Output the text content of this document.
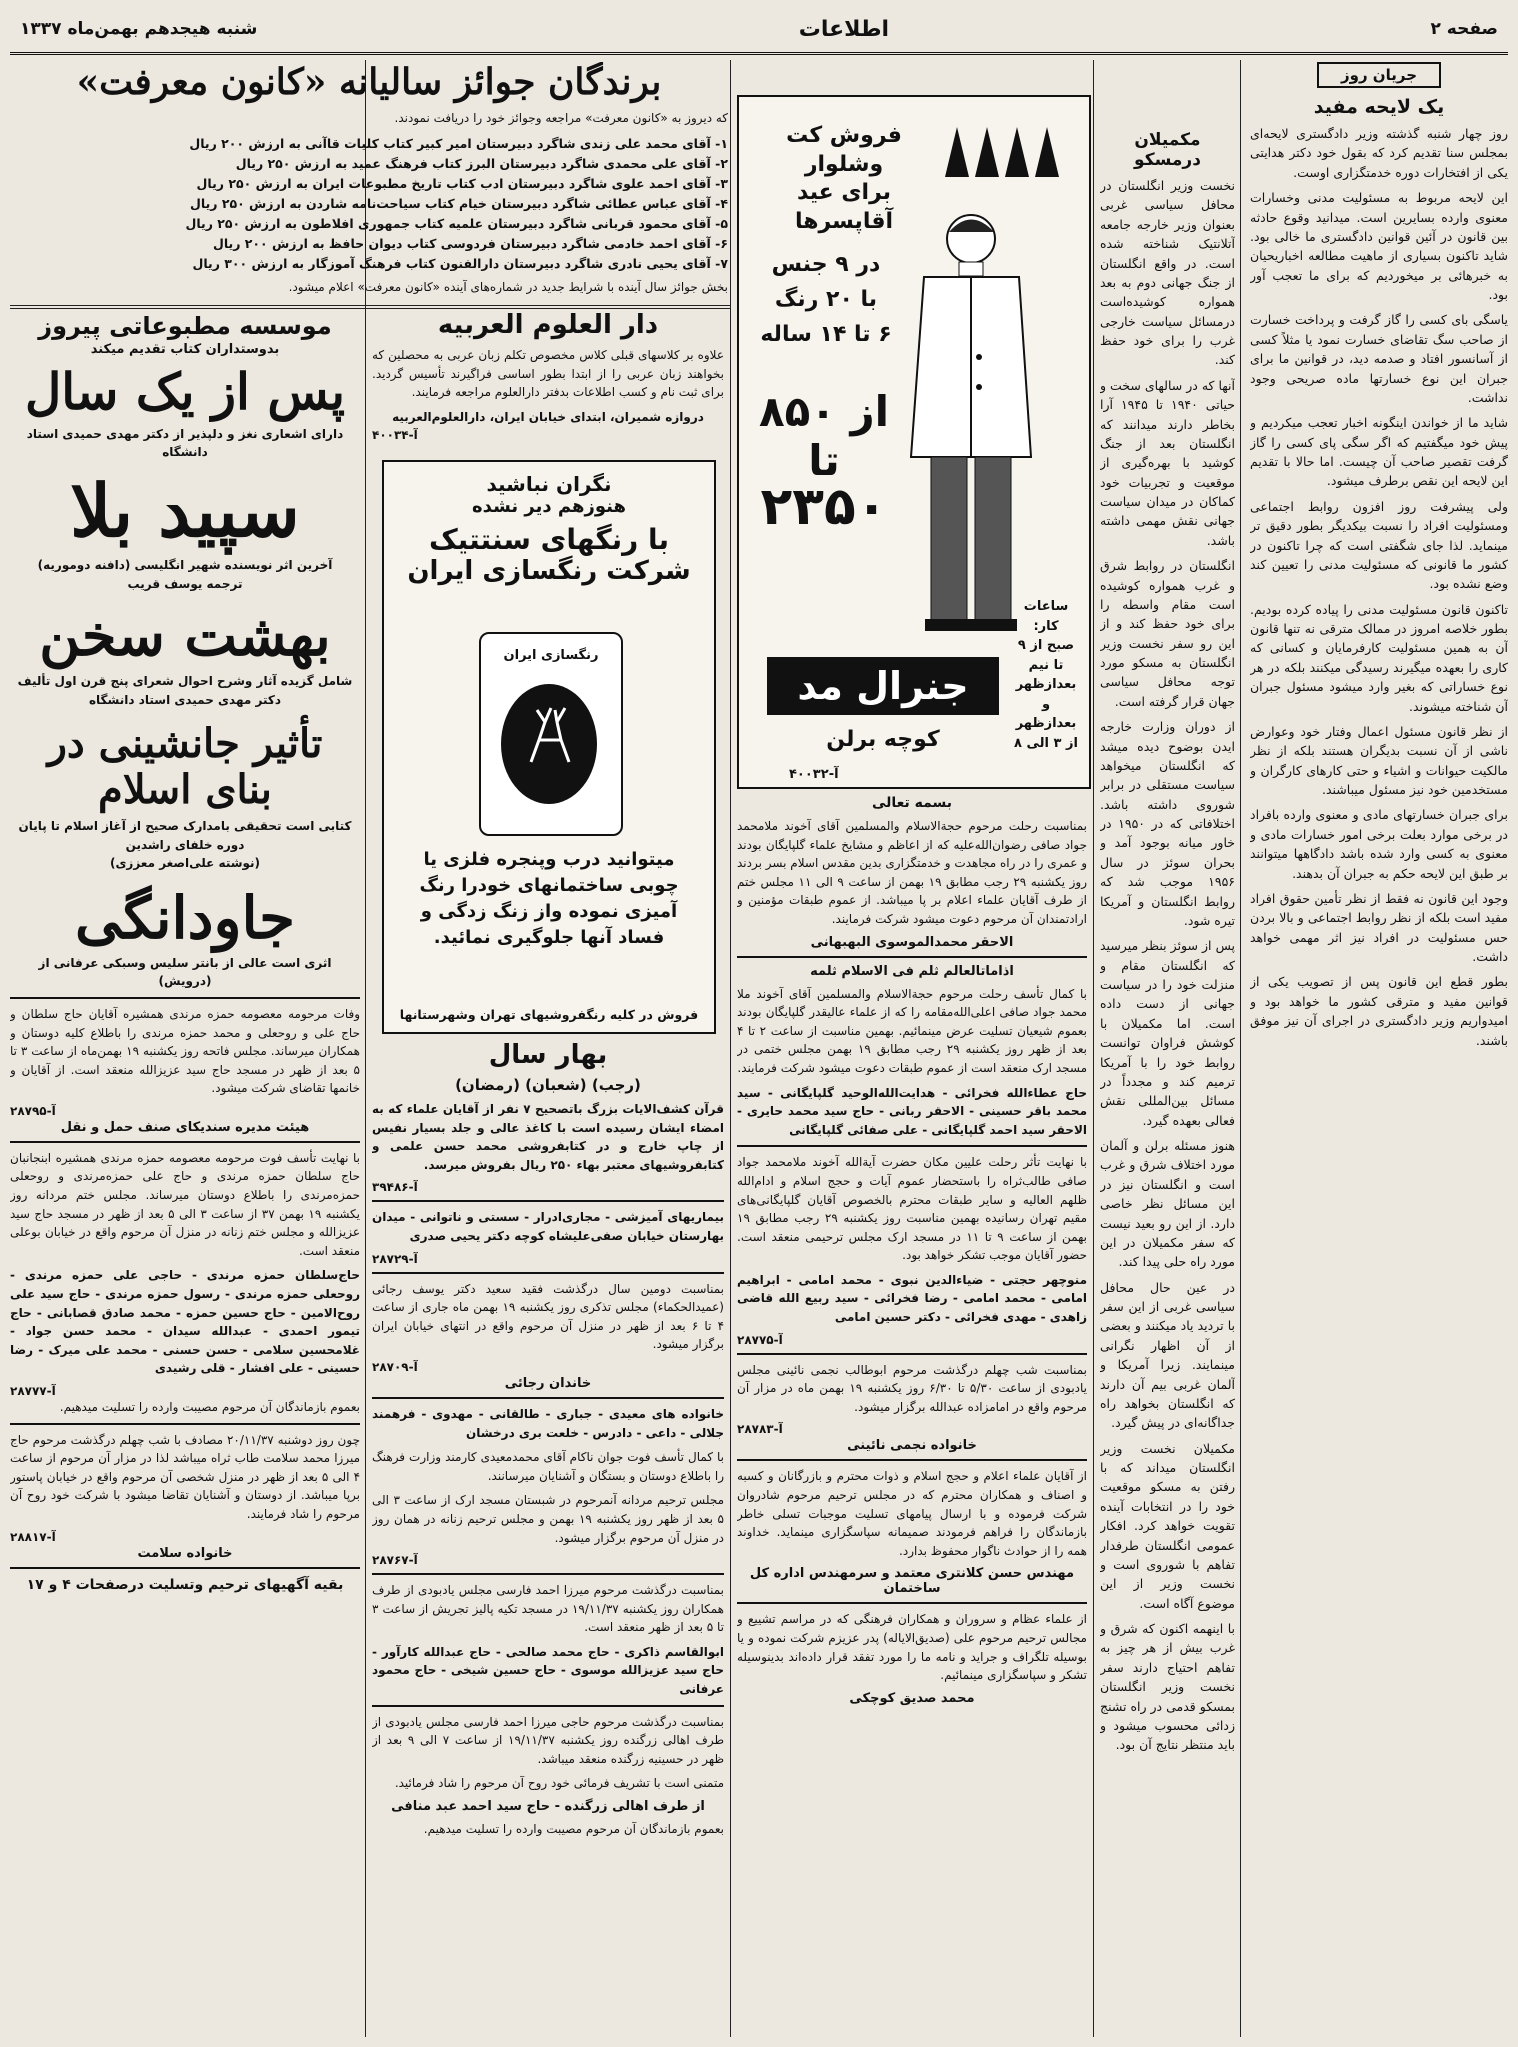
صفحه ۲
اطلاعات
شنبه هیجدهم بهمن‌ماه ۱۳۳۷
جریان روز
یک لایحه مفید

روز چهار شنبه گذشته وزیر دادگستری لایحه‌ای بمجلس سنا تقدیم کرد که بقول خود دکتر هدایتی یکی از افتخارات دوره خدمتگزاری اوست.

این لایحه مربوط به مسئولیت مدنی وخسارات معنوی وارده بسایرین است. میدانید وقوع حادثه بین قانون در آئین قوانین دادگستری ما خالی بود. شاید تاکنون بسیاری از ماهیت مطالعه اخباریحیان به خبرهائی بر میخوردیم که برای ما تعجب آور بود.

یاسگی بای کسی را گاز گرفت و پرداخت خسارت از صاحب سگ تقاضای خسارت نمود یا مثلاً کسی از آسانسور افتاد و صدمه دید، در قوانین ما برای جبران این نوع خسارتها ماده صریحی وجود نداشت.

شاید ما از خواندن اینگونه اخبار تعجب میکردیم و پیش خود میگفتیم که اگر سگی پای کسی را گاز گرفت تقصیر صاحب آن چیست. اما حالا با تقدیم این لایحه این نقص برطرف میشود.

ولی پیشرفت روز افزون روابط اجتماعی ومسئولیت افراد را نسبت بیکدیگر بطور دقیق تر مینماید. لذا جای شگفتی است که چرا تاکنون در کشور ما قانونی که مسئولیت مدنی را تعیین کند وضع نشده بود.

تاکنون قانون مسئولیت مدنی را پیاده کرده بودیم. بطور خلاصه امروز در ممالک مترقی نه تنها قانون آن به همین مسئولیت کارفرمایان و کسانی که کاری را بعهده میگیرند رسیدگی میکنند بلکه در هر نوع خساراتی که بغیر وارد میشود مسئول جبران آن شناخته میشوند.

از نظر قانون مسئول اعمال وفتار خود وعوارض ناشی از آن نسبت بدیگران هستند بلکه از نظر مالکیت حیوانات و اشیاء و حتی کارهای کارگران و مستخدمین خود نیز مسئول میباشند.

برای جبران خسارتهای مادی و معنوی وارده بافراد در برخی موارد بعلت برخی امور خسارات مادی و معنوی به کسی وارد شده باشد دادگاهها میتوانند بر طبق این لایحه حکم به جبران آن بدهند.

وجود این قانون نه فقط از نظر تأمین حقوق افراد مفید است بلکه از نظر روابط اجتماعی و بالا بردن حس مسئولیت در افراد نیز اثر مهمی خواهد داشت.

بطور قطع این قانون پس از تصویب یکی از قوانین مفید و مترقی کشور ما خواهد بود و امیدواریم وزیر دادگستری در اجرای آن نیز موفق باشند.

مکمیلان درمسکو

نخست وزیر انگلستان در محافل سیاسی غربی بعنوان وزیر خارجه جامعه آتلانتیک شناخته شده است. در واقع انگلستان از جنگ جهانی دوم به بعد همواره کوشیده‌است درمسائل سیاست خارجی غرب را برای خود حفظ کند.

آنها که در سالهای سخت و حیاتی ۱۹۴۰ تا ۱۹۴۵ آرا بخاطر دارند میدانند که انگلستان بعد از جنگ کوشید با بهره‌گیری از موقعیت و تجربیات خود کماکان در میدان سیاست جهانی نقش مهمی داشته باشد.

انگلستان در روابط شرق و غرب همواره کوشیده است مقام واسطه را برای خود حفظ کند و از این رو سفر نخست وزیر انگلستان به مسکو مورد توجه محافل سیاسی جهان قرار گرفته است.

از دوران وزارت خارجه ایدن بوضوح دیده میشد که انگلستان میخواهد سیاست مستقلی در برابر شوروی داشته باشد. اختلافاتی که در ۱۹۵۰ در خاور میانه بوجود آمد و بحران سوئز در سال ۱۹۵۶ موجب شد که روابط انگلستان و آمریکا تیره شود.

پس از سوئز بنظر میرسید که انگلستان مقام و منزلت خود را در سیاست جهانی از دست داده است. اما مکمیلان با کوشش فراوان توانست روابط خود را با آمریکا ترمیم کند و مجدداً در مسائل بین‌المللی نقش فعالی بعهده گیرد.

هنوز مسئله برلن و آلمان مورد اختلاف شرق و غرب است و انگلستان نیز در این مسائل نظر خاصی دارد. از این رو بعید نیست که سفر مکمیلان در این مورد راه حلی پیدا کند.

در عین حال محافل سیاسی غربی از این سفر با تردید یاد میکنند و بعضی از آن اظهار نگرانی مینمایند. زیرا آمریکا و آلمان غربی بیم آن دارند که انگلستان بخواهد راه جداگانه‌ای در پیش گیرد.

مکمیلان نخست وزیر انگلستان میداند که با رفتن به مسکو موقعیت خود را در انتخابات آینده تقویت خواهد کرد. افکار عمومی انگلستان طرفدار تفاهم با شوروی است و نخست وزیر از این موضوع آگاه است.

با اینهمه اکنون که شرق و غرب بیش از هر چیز به تفاهم احتیاج دارند سفر نخست وزیر انگلستان بمسکو قدمی در راه تشنج زدائی محسوب میشود و باید منتظر نتایج آن بود.

فروش کت وشلوار
برای عید آقاپسرها
در ۹ جنس
با ۲۰ رنگ
۶ تا ۱۴ ساله
از ۸۵۰ تا
۲۳۵۰
ساعات کار:
صبح از ۹
تا نیم
بعدازظهر
و بعدازظهر
از ۳ الی ۸
جنرال مد
کوچه برلن
آ-۴۰۰۳۲
بسمه تعالی

بمناسبت رحلت مرحوم حجة‌الاسلام والمسلمین آقای آخوند ملامحمد جواد صافی رضوان‌الله‌علیه که از اعاظم و مشایخ علماء گلپایگان بودند و عمری را در راه مجاهدت و خدمتگزاری بدین مقدس اسلام بسر بردند روز یکشنبه ۲۹ رجب مطابق ۱۹ بهمن از ساعت ۹ الی ۱۱ مجلس ختم از طرف آقایان علماء اعلام بر پا میباشد. از عموم طبقات مؤمنین و ارادتمندان آن مرحوم دعوت میشود شرکت فرمایند.

الاحقر محمدالموسوی البهبهانی
اذاماتالعالم ثلم فی الاسلام ثلمه

با کمال تأسف رحلت مرحوم حجة‌الاسلام والمسلمین آقای آخوند ملا محمد جواد صافی اعلی‌الله‌مقامه را که از علماء عالیقدر گلپایگان بودند بعموم شیعیان تسلیت عرض مینمائیم. بهمین مناسبت از ساعت ۲ تا ۴ بعد از ظهر روز یکشنبه ۲۹ رجب مطابق ۱۹ بهمن مجلس ختمی در مسجد ارک منعقد است از عموم طبقات دعوت میشود شرکت فرمایند.

حاج عطاءالله فخرائی - هدایت‌الله‌الوحید گلپایگانی - سید محمد باقر حسینی - الاحقر ربانی - حاج سید محمد حایری - الاحقر سید احمد گلپایگانی - علی صفائی گلپایگانی

با نهایت تأثر رحلت علیین مکان حضرت آیةالله آخوند ملامحمد جواد صافی طالب‌ثراه را باستحضار عموم آیات و حجج اسلام و ادام‌الله ظلهم العالیه و سایر طبقات محترم بالخصوص آقایان گلپایگانی‌های مقیم تهران رسانیده بهمین مناسبت روز یکشنبه ۲۹ رجب مطابق ۱۹ بهمن از ساعت ۹ تا ۱۱ در مسجد ارک مجلس ترحیمی منعقد است. حضور آقایان موجب تشکر خواهد بود.

منوچهر حجتی - ضیاءالدین نبوی - محمد امامی - ابراهیم امامی - محمد امامی - رضا فخرائی - سید ربیع الله قاضی زاهدی - مهدی فخرائی - دکتر حسین امامی

آ-۲۸۷۷۵

بمناسبت شب چهلم درگذشت مرحوم ابوطالب نجمی نائینی مجلس یادبودی از ساعت ۵/۳۰ تا ۶/۳۰ روز یکشنبه ۱۹ بهمن ماه در مزار آن مرحوم واقع در امامزاده عبدالله برگزار میشود.

آ-۲۸۷۸۳
خانواده نجمی نائینی

از آقایان علماء اعلام و حجج اسلام و ذوات محترم و بازرگانان و کسبه و اصناف و همکاران محترم که در مجلس ترحیم مرحوم شادروان شرکت فرموده و با ارسال پیامهای تسلیت موجبات تسلی خاطر بازماندگان را فراهم فرمودند صمیمانه سپاسگزاری مینماید. خداوند همه را از حوادث ناگوار محفوظ بدارد.

مهندس حسن کلانتری معتمد و سرمهندس اداره کل ساختمان

از علماء عظام و سروران و همکاران فرهنگی که در مراسم تشییع و مجالس ترحیم مرحوم علی (صدیق‌الایاله) پدر عزیزم شرکت نموده و یا بوسیله تلگراف و جراید و نامه ما را مورد تفقد قرار داده‌اند بدینوسیله تشکر و سپاسگزاری مینمائیم.

محمد صدیق کوچکی
دار العلوم العربیه

علاوه بر کلاسهای قبلی کلاس مخصوص تکلم زبان عربی به محصلین که بخواهند زبان عربی را از ابتدا بطور اساسی فراگیرند تأسیس گردید. برای ثبت نام و کسب اطلاعات بدفتر دارالعلوم مراجعه فرمایند.

دروازه شمیران، ابتدای خیابان ایران، دارالعلوم‌العربیه
آ-۴۰۰۳۴
نگران نباشید
هنوزهم دیر نشده
با رنگهای سنتتیک
شرکت رنگسازی ایران
رنگسازی ایران
میتوانید درب وپنجره فلزی یا چوبی ساختمانهای خودرا رنگ آمیزی نموده واز زنگ زدگی و فساد آنها جلوگیری نمائید.
فروش در کلیه رنگفروشیهای تهران وشهرستانها
بهار سال
(رجب) (شعبان) (رمضان)

قرآن کشف‌الایات بزرگ باتصحیح ۷ نفر از آقایان علماء که به امضاء ایشان رسیده است با کاغذ عالی و جلد بسیار نفیس از چاپ خارج و در کتابفروشی محمد حسن علمی و کتابفروشیهای معتبر بهاء ۲۵۰ ریال بفروش میرسد.

آ-۳۹۴۸۶

بیماریهای آمیزشی - مجاری‌ادرار - سستی و ناتوانی - میدان بهارستان خیابان صفی‌علیشاه کوچه دکتر یحیی صدری

آ-۲۸۷۲۹

بمناسبت دومین سال درگذشت فقید سعید دکتر یوسف رجائی (عمیدالحکماء) مجلس تذکری روز یکشنبه ۱۹ بهمن ماه جاری از ساعت ۴ تا ۶ بعد از ظهر در منزل آن مرحوم واقع در انتهای خیابان ایران برگزار میشود.

آ-۲۸۷۰۹
خاندان رجائی

خانواده های معیدی - جباری - طالقانی - مهدوی - فرهمند جلالی - داعی - دادرس - خلعت بری درخشان

با کمال تأسف فوت جوان ناکام آقای محمدمعیدی کارمند وزارت فرهنگ را باطلاع دوستان و بستگان و آشنایان میرسانند.

مجلس ترحیم مردانه آنمرحوم در شبستان مسجد ارک از ساعت ۳ الی ۵ بعد از ظهر روز یکشنبه ۱۹ بهمن و مجلس ترحیم زنانه در همان روز در منزل آن مرحوم برگزار میشود.

آ-۲۸۷۶۷

بمناسبت درگذشت مرحوم میرزا احمد فارسی مجلس یادبودی از طرف همکاران روز یکشنبه ۱۹/۱۱/۳۷ در مسجد تکیه پالیز تجریش از ساعت ۳ تا ۵ بعد از ظهر منعقد است.

ابوالقاسم ذاکری - حاج محمد صالحی - حاج عبدالله کارآور - حاج سید عزیزالله موسوی - حاج حسین شیخی - حاج محمود عرفانی

بمناسبت درگذشت مرحوم حاجی میرزا احمد فارسی مجلس یادبودی از طرف اهالی زرگنده روز یکشنبه ۱۹/۱۱/۳۷ از ساعت ۷ الی ۹ بعد از ظهر در حسینیه زرگنده منعقد میباشد.

متمنی است با تشریف فرمائی خود روح آن مرحوم را شاد فرمائید.

از طرف اهالی زرگنده - حاج سید احمد عبد منافی

بعموم بازماندگان آن مرحوم مصیبت وارده را تسلیت میدهیم.

برندگان جوائز سالیانه «کانون معرفت»

که دیروز به «کانون معرفت» مراجعه وجوائز خود را دریافت نمودند.

۱- آقای محمد علی زندی شاگرد دبیرستان امیر کبیر کتاب کلیات قاآنی به ارزش ۲۰۰ ریال
۲- آقای علی محمدی شاگرد دبیرستان البرز کتاب فرهنگ عمید به ارزش ۲۵۰ ریال
۳- آقای احمد علوی شاگرد دبیرستان ادب کتاب تاریخ مطبوعات ایران به ارزش ۲۵۰ ریال
۴- آقای عباس عطائی شاگرد دبیرستان خیام کتاب سیاحت‌نامه شاردن به ارزش ۲۵۰ ریال
۵- آقای محمود قربانی شاگرد دبیرستان علمیه کتاب جمهوری افلاطون به ارزش ۲۵۰ ریال
۶- آقای احمد خادمی شاگرد دبیرستان فردوسی کتاب دیوان حافظ به ارزش ۲۰۰ ریال
۷- آقای یحیی نادری شاگرد دبیرستان دارالفنون کتاب فرهنگ آموزگار به ارزش ۳۰۰ ریال

بخش جوائز سال آینده با شرایط جدید در شماره‌های آینده «کانون معرفت» اعلام میشود.

موسسه مطبوعاتی پیروز
بدوستداران کتاب تقدیم میکند
پس از یک سال
دارای اشعاری نغز و دلپذیر از دکتر مهدی حمیدی استاد دانشگاه
سپید بلا
آخرین اثر نویسنده شهیر انگلیسی (دافنه دوموریه)
ترجمه یوسف قریب
بهشت سخن
شامل گزیده آثار وشرح احوال شعرای پنج قرن اول تألیف دکتر مهدی حمیدی استاد دانشگاه
تأثیر جانشینی در بنای اسلام
کتابی است تحقیقی بامدارک صحیح از آغاز اسلام تا پایان دوره خلفای راشدین
(نوشته علی‌اصغر معززی)
جاودانگی
اثری است عالی از بانتر سلیس وسبکی عرفانی از (درویش)

وفات مرحومه معصومه حمزه مرندی همشیره آقایان حاج سلطان و حاج علی و روحعلی و محمد حمزه مرندی را باطلاع کلیه دوستان و همکاران میرساند. مجلس فاتحه روز یکشنبه ۱۹ بهمن‌ماه از ساعت ۳ تا ۵ بعد از ظهر در مسجد حاج سید عزیزالله منعقد است. از آقایان و خانمها تقاضای شرکت میشود.

آ-۲۸۷۹۵
هیئت مدیره سندیکای صنف حمل و نقل

با نهایت تأسف فوت مرحومه معصومه حمزه مرندی همشیره ابنجانبان حاج سلطان حمزه مرندی و حاج علی حمزه‌مرندی و روحعلی حمزه‌مرندی را باطلاع دوستان میرساند. مجلس ختم مردانه روز یکشنبه ۱۹ بهمن ۳۷ از ساعت ۳ الی ۵ بعد از ظهر در مسجد حاج سید عزیزالله و مجلس ختم زنانه در منزل آن مرحوم واقع در خیابان بوعلی منعقد است.

حاج‌سلطان حمزه مرندی - حاجی علی حمزه مرندی - روحعلی حمزه مرندی - رسول حمزه مرندی - حاج سید علی روح‌الامین - حاج حسین حمزه - محمد صادق قصابانی - حاج تیمور احمدی - عبدالله سیدان - محمد حسن جواد - غلامحسین سلامی - حسن حسنی - محمد علی میرک - رضا حسینی - علی افشار - قلی رشیدی

آ-۲۸۷۷۷

بعموم بازماندگان آن مرحوم مصیبت وارده را تسلیت میدهیم.

چون روز دوشنبه ۲۰/۱۱/۳۷ مصادف با شب چهلم درگذشت مرحوم حاج میرزا محمد سلامت طاب ثراه میباشد لذا در مزار آن مرحوم از ساعت ۴ الی ۵ بعد از ظهر در منزل شخصی آن مرحوم واقع در خیابان پاستور برپا میباشد. از دوستان و آشنایان تقاضا میشود با شرکت خود روح آن مرحوم را شاد فرمایند.

آ-۲۸۸۱۷
خانواده سلامت
بقیه آگهیهای ترحیم وتسلیت درصفحات ۴ و ۱۷
